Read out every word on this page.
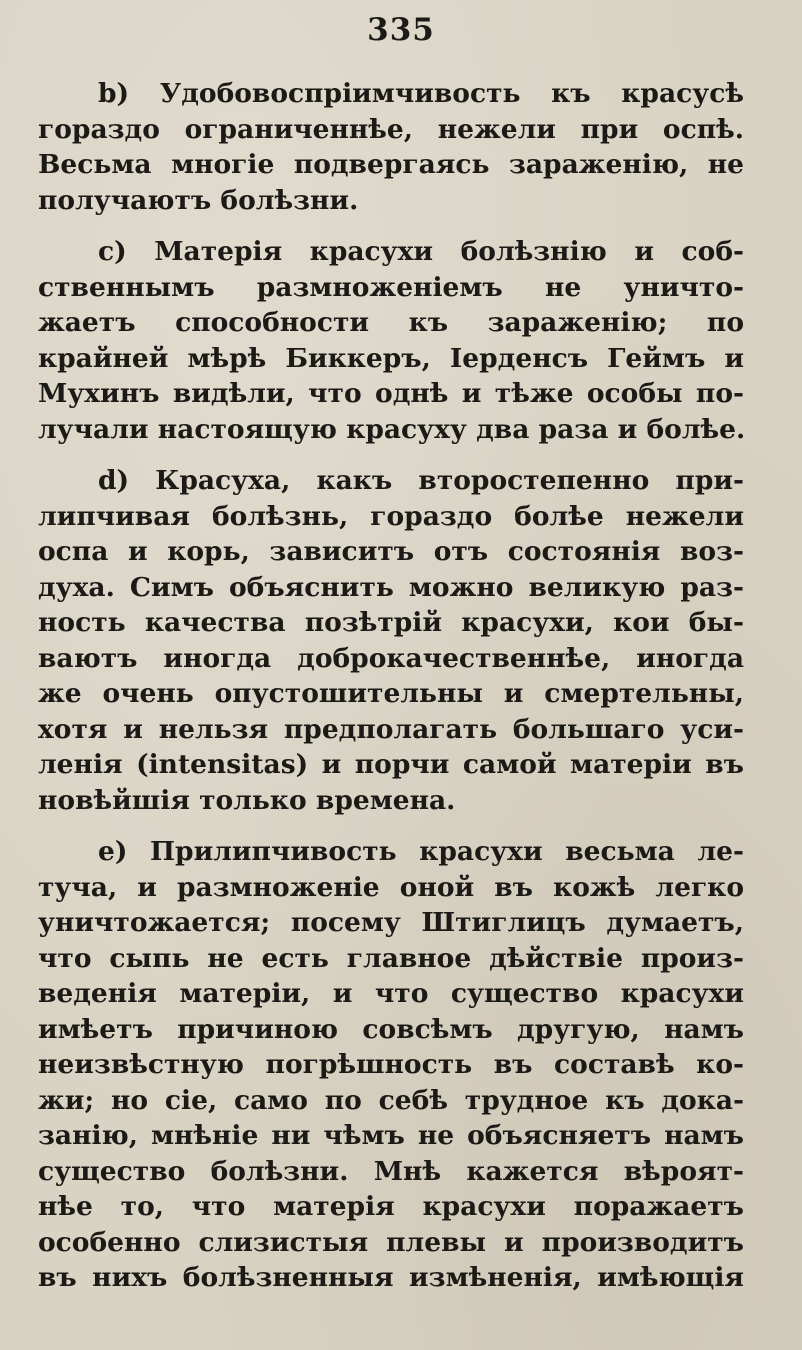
335
b) Удобовоспріимчивость къ красусѣ
гораздо ограниченнѣе, нежели при оспѣ.
Весьма многіе подвергаясь зараженію, не
получаютъ болѣзни.
c) Матерія красухи болѣзнію и соб-
ственнымъ размноженіемъ не уничто-
жаетъ способности къ зараженію; по
крайней мѣрѣ Биккеръ, Іерденсъ Геймъ и
Мухинъ видѣли, что однѣ и тѣже особы по-
лучали настоящую красуху два раза и болѣе.
d) Красуха, какъ второстепенно при-
липчивая болѣзнь, гораздо болѣе нежели
оспа и корь, зависитъ отъ состоянія воз-
духа. Симъ объяснить можно великую раз-
ность качества позѣтрій красухи, кои бы-
ваютъ иногда доброкачественнѣе, иногда
же очень опустошительны и смертельны,
хотя и нельзя предполагать большаго уси-
ленія (intensitas) и порчи самой матеріи въ
новѣйшія только времена.
e) Прилипчивость красухи весьма ле-
туча, и размноженіе оной въ кожѣ легко
уничтожается; посему Штиглицъ думаетъ,
что сыпь не есть главное дѣйствіе произ-
веденія матеріи, и что существо красухи
имѣетъ причиною совсѣмъ другую, намъ
неизвѣстную погрѣшность въ составѣ ко-
жи; но сіе, само по себѣ трудное къ дока-
занію, мнѣніе ни чѣмъ не объясняетъ намъ
существо болѣзни. Мнѣ кажется вѣроят-
нѣе то, что матерія красухи поражаетъ
особенно слизистыя плевы и производитъ
въ нихъ болѣзненныя измѣненія, имѣющія
